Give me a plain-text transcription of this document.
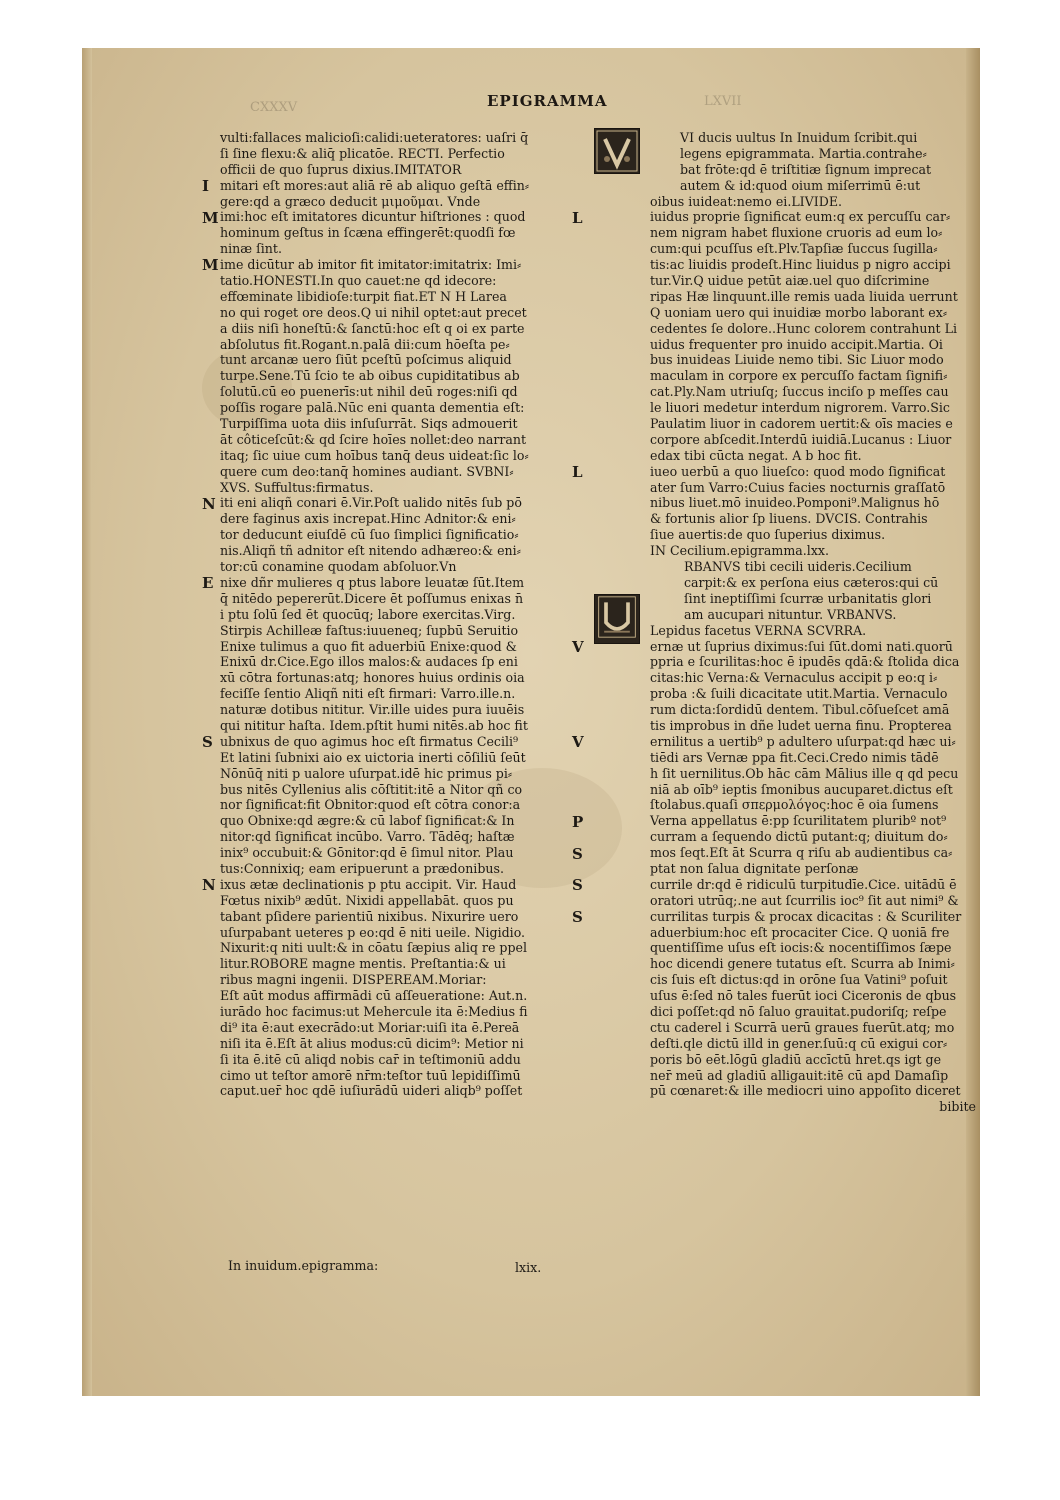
CXXXV	LXVII
EPIGRAMMA
vulti:fallaces malicioſi:calidi:ueteratores: uaſri q̄
ſi ſine flexu:& aliq̄ plicatōe. RECTI. Perfectio
officii de quo ſuprus dixius.IMITATOR
mitari eſt mores:aut aliā rē ab aliquo geſtā effin⸗
gere:qd a græco deducit μιμοῦμαι. Vnde
imi:hoc eſt imitatores dicuntur hiſtriones : quod
hominum geſtus in ſcæna effingerēt:quodſi fœ
ninæ ſint.
ime dicūtur ab imitor fit imitator:imitatrix: Imi⸗
tatio.HONESTI.In quo cauet:ne qd idecore:
effœminate libidioſe:turpit fiat.ET N H Larea
no qui roget ore deos.Q ui nihil optet:aut precet
a diis niſi honeſtū:& ſanctū:hoc eſt q oi ex parte
abſolutus fit.Rogant.n.palā dii:cum hōeſta pe⸗
tunt arcanæ uero ſiūt pceſtū poſcimus aliquid
turpe.Sene.Tū ſcio te ab oibus cupiditatibus ab
ſolutū.cū eo puenerīs:ut nihil deū roges:niſi qd
poſſis rogare palā.Nūc eni quanta dementia eſt:
Turpiſſima uota diis inſuſurrāt. Siqs admouerit
āt côticeſcūt:& qd ſcire hoīes nollet:deo narrant
itaq; ſic uiue cum hoībus tanq̄ deus uideat:ſic lo⸗
quere cum deo:tanq̄ homines audiant. SVBNI⸗
XVS. Suffultus:firmatus.
iti eni aliqñ conari ē.Vir.Poſt ualido nitēs ſub pō
dere faginus axis increpat.Hinc Adnitor:& eni⸗
tor deducunt eiuſdē cū ſuo ſimplici ſignificatio⸗
nis.Aliqñ tñ adnitor eſt nitendo adhæreo:& eni⸗
tor:cū conamine quodam abſoluor.Vn
nixe dñr mulieres q ptus labore leuatæ ſūt.Item
q̄ nitēdo pepererūt.Dicere ēt poſſumus enixas n̄
i ptu ſolū ſed ēt quocūq; labore exercitas.Virg.
Stirpis Achilleæ faſtus:iuueneq; ſupbū Seruitio
Enixe tulimus a quo fit aduerbiū Enixe:quod &
Enixū dr.Cice.Ego illos malos:& audaces ſp eni
xū cōtra fortunas:atq; honores huius ordinis oia
feciſſe ſentio Aliqñ niti eſt firmari: Varro.ille.n.
naturæ dotibus nititur. Vir.ille uides pura iuuēis
qui nititur haſta. Idem.pſtit humi nitēs.ab hoc fit
ubnixus de quo agimus hoc eſt firmatus Cecili⁹
Et latini ſubnixi aio ex uictoria inerti cōſiliū ſeūt
Nōnūq̄ niti p ualore uſurpat.idē hic primus pi⸗
bus nitēs Cyllenius alis cōſtitit:itē a Nitor qñ co
nor ſignificat:fit Obnitor:quod eſt cōtra conor:a
quo Obnixe:qd ægre:& cū labof ſignificat:& In
nitor:qd ſignificat incūbo. Varro. Tādēq; haſtæ
inix⁹ occubuit:& Gōnitor:qd ē ſimul nitor. Plau
tus:Connixiq; eam eripuerunt a prædonibus.
ixus ætæ declinationis p ptu accipit. Vir. Haud
Fœtus nixib⁹ ædūt. Nixidi appellabāt. quos pu
tabant pſidere parientiū nixibus. Nixurire uero
uſurpabant ueteres p eo:qd ē niti ueile. Nigidio.
Nixurit:q niti uult:& in cōatu ſæpius aliq re ppel
litur.ROBORE magne mentis. Preſtantia:& ui
ribus magni ingenii. DISPEREAM.Moriar:
Eſt aūt modus affirmādi cū aſſeueratione: Aut.n.
iurādo hoc facimus:ut Mehercule ita ē:Medius fi
di⁹ ita ē:aut execrādo:ut Moriar:uiſi ita ē.Pereā
niſi ita ē.Eſt āt alius modus:cū dicim⁹: Metior ni
ſi ita ē.itē cū aliqd nobis car̄ in teſtimoniū addu
cimo ut teſtor amorē nr̄m:teſtor tuū lepidiſſimū
caput.uer̄ hoc qdē iuſiurādū uideri aliqb⁹ poſſet
VI ducis uultus In Inuidum ſcribit.qui
legens epigrammata. Martia.contrahe⸗
bat frōte:qd ē triſtitiæ ſignum imprecat
autem & id:quod oium miſerrimū ē:ut
oibus iuideat:nemo ei.LIVIDE.
iuidus proprie ſignificat eum:q ex percuſſu car⸗
nem nigram habet fluxione cruoris ad eum lo⸗
cum:qui pcuſſus eſt.Plv.Tapſiæ ſuccus ſugilla⸗
tis:ac liuidis prodeſt.Hinc liuidus p nigro accipi
tur.Vir.Q uidue petūt aiæ.uel quo diſcrimine
ripas Hæ linquunt.ille remis uada liuida uerrunt
Q uoniam uero qui inuidiæ morbo laborant ex⸗
cedentes ſe dolore..Hunc colorem contrahunt Li
uidus frequenter pro inuido accipit.Martia. Oi
bus inuideas Liuide nemo tibi. Sic Liuor modo
maculam in corpore ex percuſſo factam ſignifi⸗
cat.Ply.Nam utriuſq; ſuccus inciſo p meſſes cau
le liuori medetur interdum nigrorem. Varro.Sic
Paulatim liuor in cadorem uertit:& oīs macies e
corpore abſcedit.Interdū iuidiā.Lucanus : Liuor
edax tibi cūcta negat. A b hoc fit.
iueo uerbū a quo liueſco: quod modo ſignificat
ater ſum Varro:Cuius facies nocturnis graſſatō
nibus liuet.mō inuideo.Pomponi⁹.Malignus hō
& fortunis alior ſp liuens. DVCIS. Contrahis
ſiue auertis:de quo ſuperius diximus.
IN Cecilium.epigramma.lxx.
RBANVS tibi cecili uideris.Cecilium
carpit:& ex perſona eius cæteros:qui cū
ſint ineptiſſimi ſcurræ urbanitatis glori
am aucupari nituntur. VRBANVS.
Lepidus facetus VERNA SCVRRA.
ernæ ut ſuprius diximus:ſui ſūt.domi nati.quorū
ppria e ſcurilitas:hoc ē ipudēs qdā:& ſtolida dica
citas:hic Verna:& Vernaculus accipit p eo:q i⸗
proba :& ſuili dicacitate utit.Martia. Vernaculo
rum dicta:ſordidū dentem. Tibul.cōſueſcet amā
tis improbus in dñe ludet uerna finu. Propterea
ernilitus a uertib⁹ p adultero uſurpat:qd hæc ui⸗
tiēdi ars Vernæ ppa fit.Ceci.Credo nimis tādē
h ſit uernilitus.Ob hāc cām Mālius ille q qd pecu
niā ab oīb⁹ ieptis ſmonibus aucuparet.dictus eſt
ſtolabus.quaſi σπερμολόγος:hoc ē oia ſumens
Verna appellatus ē:pp ſcurilitatem pluribº not⁹
curram a ſequendo dictū putant:q; diuitum do⸗
mos ſeqt.Eſt āt Scurra q riſu ab audientibus ca⸗
ptat non ſalua dignitate perſonæ
currile dr:qd ē ridiculū turpitudīe.Cice. uitādū ē
oratori utrūq;.ne aut ſcurrilis ioc⁹ ſit aut nimi⁹ &
currilitas turpis & procax dicacitas : & Scuriliter
aduerbium:hoc eſt procaciter Cice. Q uoniā fre
quentiſſime uſus eſt iocis:& nocentiſſimos ſæpe
hoc dicendi genere tutatus eſt. Scurra ab Inimi⸗
cis ſuis eſt dictus:qd in orōne ſua Vatini⁹ poſuit
uſus ē:ſed nō tales fuerūt ioci Ciceronis de qbus
dici poſſet:qd nō ſaluo grauitat.pudoriſq; reſpe
ctu caderel i Scurrā uerū graues fuerūt.atq; mo
deſti.qle dictū illd in gener.ſuū:q cū exigui cor⸗
poris bō eēt.lōgū gladiū accīctū hret.qs igt ge
ner̄ meū ad gladiū alligauit:itē cū apd Damaſip
pū cœnaret:& ille mediocri uino appoſito diceret
bibite
I
M
M
N
E
S
N
L
L
V
V
P
S
S
S
In inuidum.epigramma:	lxix.
